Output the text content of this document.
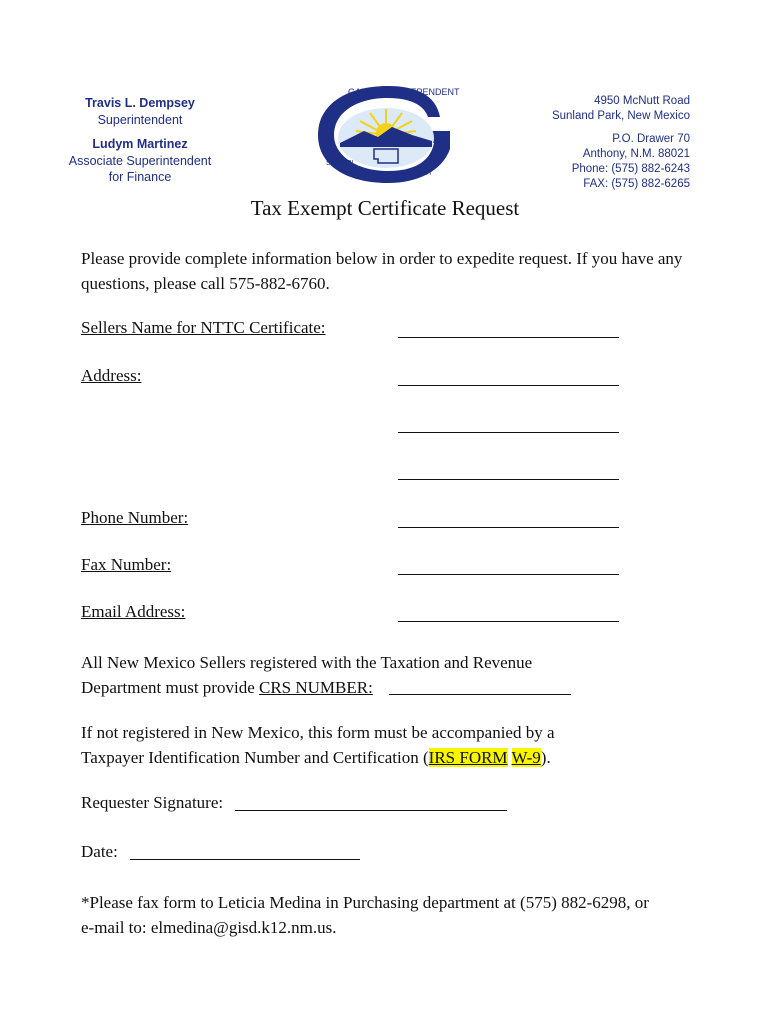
Travis L. Dempsey
Superintendent
Ludym Martinez
Associate Superintendent
for Finance
GADSDEN INDEPENDENT
SCHOOL
DISTRICT
4950 McNutt Road
Sunland Park, New Mexico
P.O. Drawer 70
Anthony, N.M. 88021
Phone: (575) 882-6243
FAX: (575) 882-6265
Tax Exempt Certificate Request
Please provide complete information below in order to expedite request. If you have any questions, please call 575-882-6760.
Sellers Name for NTTC Certificate:
Address:
Phone Number:
Fax Number:
Email Address:
All New Mexico Sellers registered with the Taxation and Revenue
Department must provide CRS NUMBER:
If not registered in New Mexico, this form must be accompanied by a
Taxpayer Identification Number and Certification (IRS FORM W-9).
Requester Signature:
Date:
*Please fax form to Leticia Medina in Purchasing department at (575) 882-6298, or e-mail to: elmedina@gisd.k12.nm.us.
